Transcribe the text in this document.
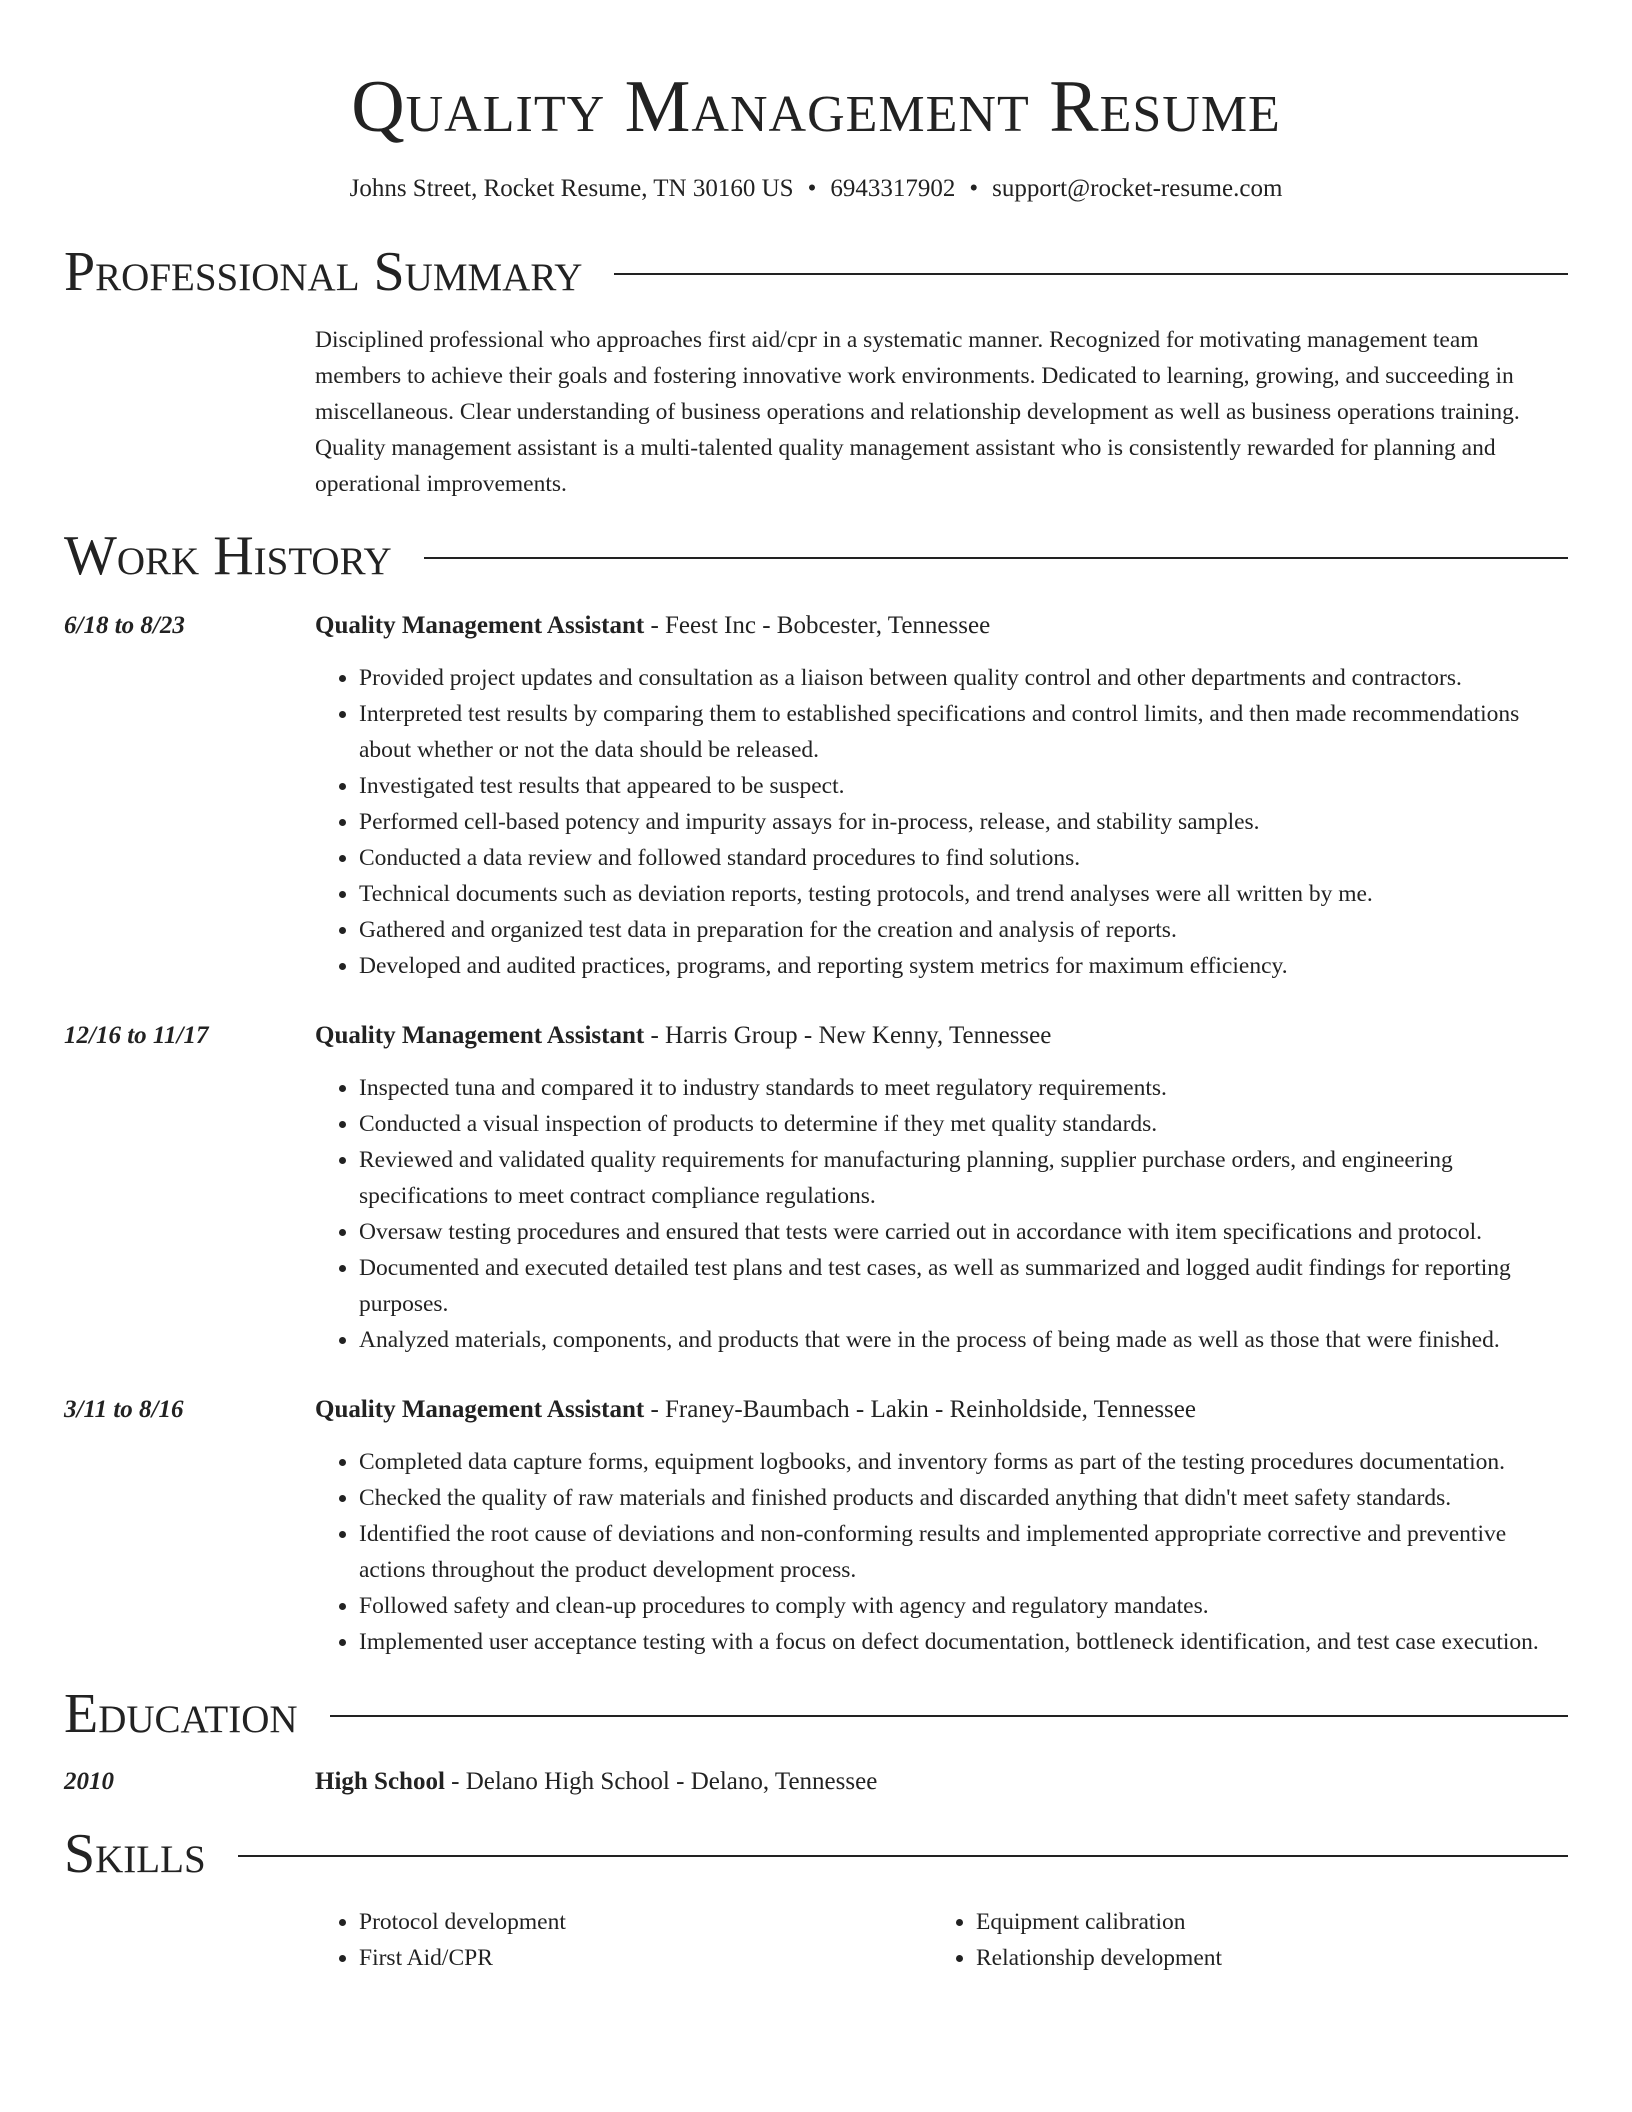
Quality Management Resume
Johns Street, Rocket Resume, TN 30160 US • 6943317902 • support@rocket-resume.com
Professional Summary
Disciplined professional who approaches first aid/cpr in a systematic manner. Recognized for motivating management team members to achieve their goals and fostering innovative work environments. Dedicated to learning, growing, and succeeding in miscellaneous. Clear understanding of business operations and relationship development as well as business operations training. Quality management assistant is a multi-talented quality management assistant who is consistently rewarded for planning and operational improvements.
Work History
6/18 to 8/23	Quality Management Assistant - Feest Inc - Bobcester, Tennessee
• Provided project updates and consultation as a liaison between quality control and other departments and contractors.
• Interpreted test results by comparing them to established specifications and control limits, and then made recommendations about whether or not the data should be released.
• Investigated test results that appeared to be suspect.
• Performed cell-based potency and impurity assays for in-process, release, and stability samples.
• Conducted a data review and followed standard procedures to find solutions.
• Technical documents such as deviation reports, testing protocols, and trend analyses were all written by me.
• Gathered and organized test data in preparation for the creation and analysis of reports.
• Developed and audited practices, programs, and reporting system metrics for maximum efficiency.
12/16 to 11/17	Quality Management Assistant - Harris Group - New Kenny, Tennessee
• Inspected tuna and compared it to industry standards to meet regulatory requirements.
• Conducted a visual inspection of products to determine if they met quality standards.
• Reviewed and validated quality requirements for manufacturing planning, supplier purchase orders, and engineering specifications to meet contract compliance regulations.
• Oversaw testing procedures and ensured that tests were carried out in accordance with item specifications and protocol.
• Documented and executed detailed test plans and test cases, as well as summarized and logged audit findings for reporting purposes.
• Analyzed materials, components, and products that were in the process of being made as well as those that were finished.
3/11 to 8/16	Quality Management Assistant - Franey-Baumbach - Lakin - Reinholdside, Tennessee
• Completed data capture forms, equipment logbooks, and inventory forms as part of the testing procedures documentation.
• Checked the quality of raw materials and finished products and discarded anything that didn't meet safety standards.
• Identified the root cause of deviations and non-conforming results and implemented appropriate corrective and preventive actions throughout the product development process.
• Followed safety and clean-up procedures to comply with agency and regulatory mandates.
• Implemented user acceptance testing with a focus on defect documentation, bottleneck identification, and test case execution.
Education
2010	High School - Delano High School - Delano, Tennessee
Skills
• Protocol development
• First Aid/CPR
• Equipment calibration
• Relationship development
